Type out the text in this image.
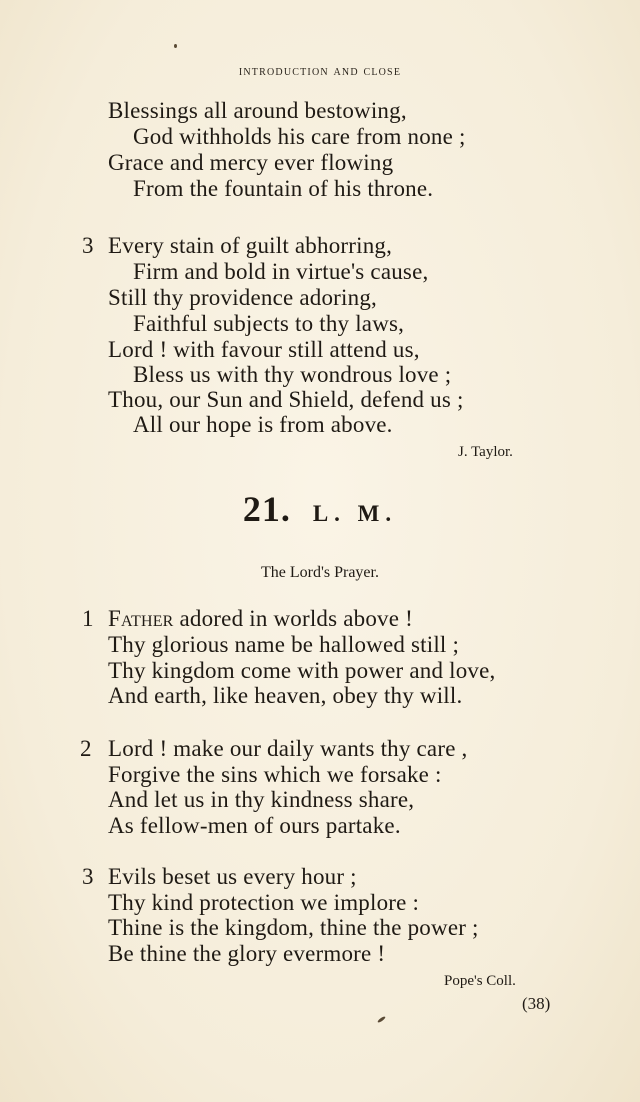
introduction and close
Blessings all around bestowing,
God withholds his care from none ;
Grace and mercy ever flowing
From the fountain of his throne.
3 Every stain of guilt abhorring,
Firm and bold in virtue's cause,
Still thy providence adoring,
Faithful subjects to thy laws,
Lord ! with favour still attend us,
Bless us with thy wondrous love ;
Thou, our Sun and Shield, defend us ;
All our hope is from above.
J. Taylor.
21. L. M.
The Lord's Prayer.
1 Father adored in worlds above !
Thy glorious name be hallowed still ;
Thy kingdom come with power and love,
And earth, like heaven, obey thy will.
2 Lord ! make our daily wants thy care ,
Forgive the sins which we forsake :
And let us in thy kindness share,
As fellow-men of ours partake.
3 Evils beset us every hour ;
Thy kind protection we implore :
Thine is the kingdom, thine the power ;
Be thine the glory evermore !
Pope's Coll.
(38)
